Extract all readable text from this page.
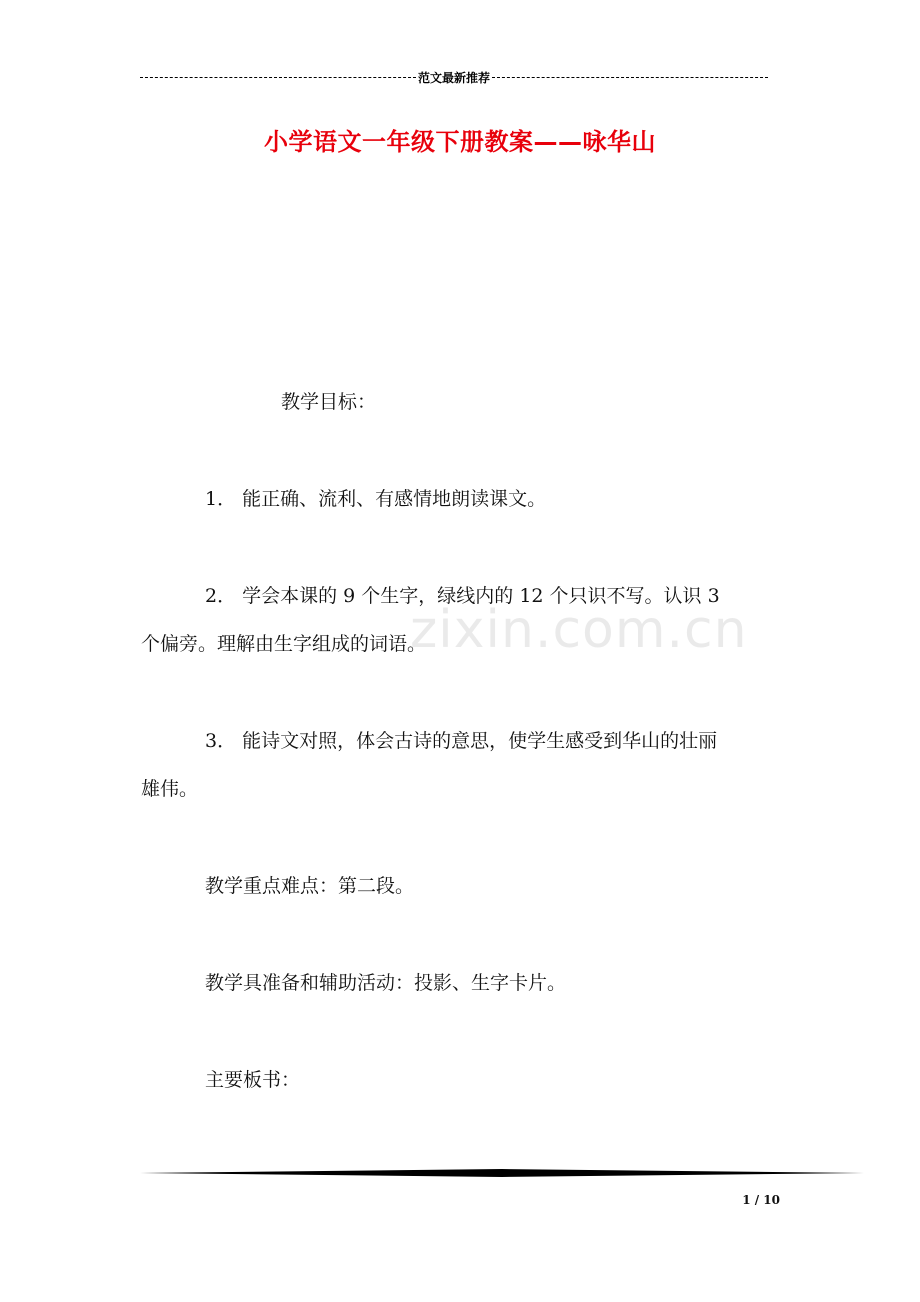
范文最新推荐
小学语文一年级下册教案——咏华山
zixin.com.cn
教学目标：
1． 能正确、流利、有感情地朗读课文。
2． 学会本课的 9 个生字，绿线内的 12 个只识不写。认识 3
个偏旁。理解由生字组成的词语。
3． 能诗文对照，体会古诗的意思，使学生感受到华山的壮丽
雄伟。
教学重点难点：第二段。
教学具准备和辅助活动：投影、生字卡片。
主要板书：
1 / 10
